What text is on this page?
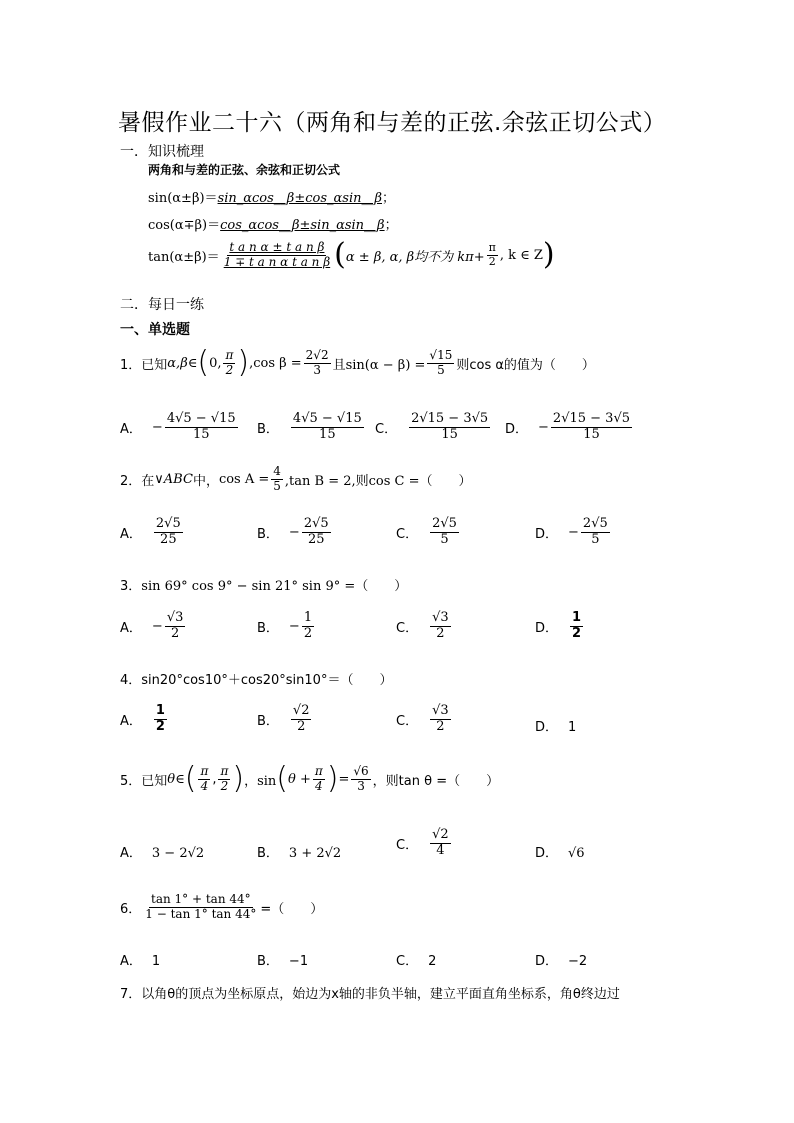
暑假作业二十六（两角和与差的正弦.余弦正切公式）
一．知识梳理
两角和与差的正弦、余弦和正切公式
sin(α±β)＝sin_αcos__β±cos_αsin__β；
cos(α∓β)＝cos_αcos__β±sin_αsin__β；
$\tan(\alpha\pm\beta)= \frac{\text{t a n α ± t a n β}}{\text{1 ∓ t a n α t a n β}}$ ( α ± β, α, β均不为 $k\pi+ \frac{\pi}{2}$ , k ∈ Z )
二．每日一练
一、单选题
1．已知 α,β∈ ( 0, $\frac{\pi}{2}$ ) ,cos $\beta = \frac{2√2}{3}$ 且$\sin(\alpha - \beta) = \frac{√15}{5}$ 则cos α的值为（　　）
A． − $\frac{4√5 - √15}{15}$ B． $\frac{4√5 - √15}{15}$ C． $\frac{2√15 - 3√5}{15}$ D． − $\frac{2√15 - 3√5}{15}$
2．在 ∨ABC 中， $\cos A = \frac{4}{5} ,\tan$ B = 2,则cos C =（　　）
A． $\frac{2√5}{25}$	B． − $\frac{2√5}{25}$	C． $\frac{2√5}{5}$	D． − $\frac{2√5}{5}$
3．sin 69° cos 9° − sin 21° sin 9° =（　　）
A． − $\frac{√3}{2}$	B． − $\frac{1}{2}$	C． $\frac{√3}{2}$	D． $\frac{1}{2}$
4．sin20°cos10°＋cos20°sin10°＝（　　）
A． $\frac{1}{2}$	B． $\frac{√2}{2}$	C． $\frac{√3}{2}$	D． 1
5．已知 θ∈ ( $\frac{\pi}{4}$ , $\frac{\pi}{2}$ ) ，sin ( $\theta + \frac{\pi}{4}$ ) = $\frac{√6}{3}$ ，则tan θ =（　　）
A． 3 − 2√2	B． 3 + 2√2
C． $\frac{√2}{4}$	D． √6
6． $\frac{\tan 1^\circ + \tan 44^\circ}{1 - \tan 1^\circ \tan 44^\circ}$ =（　　）
A． 1	B． −1	C． 2	D． −2
7．以角θ的顶点为坐标原点，始边为x轴的非负半轴，建立平面直角坐标系，角θ终边过
